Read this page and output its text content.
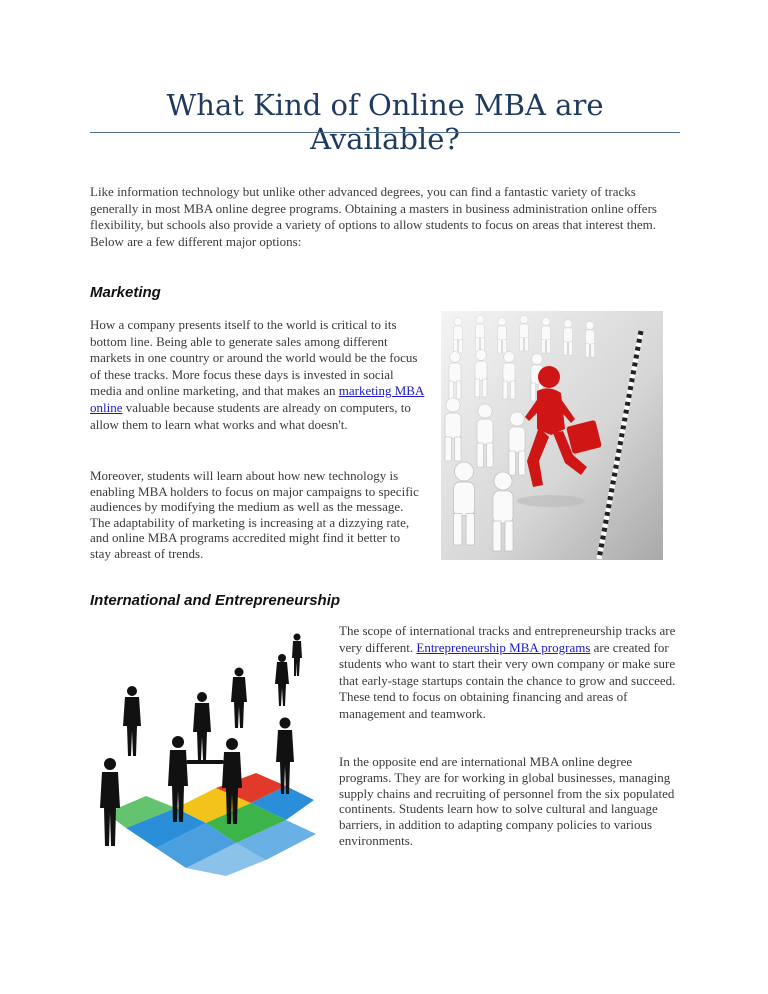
What Kind of Online MBA are Available?

Like information technology but unlike other advanced degrees, you can find a fantastic variety of tracks generally in most MBA online degree programs. Obtaining a masters in business administration online offers flexibility, but schools also provide a variety of options to allow students to focus on areas that interest them. Below are a few different major options:

Marketing

How a company presents itself to the world is critical to its bottom line. Being able to generate sales among different markets in one country or around the world would be the focus of these tracks. More focus these days is invested in social media and online marketing, and that makes an marketing MBA online valuable because students are already on computers, to allow them to learn what works and what doesn't.

Moreover, students will learn about how new technology is enabling MBA holders to focus on major campaigns to specific audiences by modifying the medium as well as the message. The adaptability of marketing is increasing at a dizzying rate, and online MBA programs accredited might find it better to stay abreast of trends.

International and Entrepreneurship

The scope of international tracks and entrepreneurship tracks are very different. Entrepreneurship MBA programs are created for students who want to start their very own company or make sure that early-stage startups contain the chance to grow and succeed. These tend to focus on obtaining financing and areas of management and teamwork.

In the opposite end are international MBA online degree programs. They are for working in global businesses, managing supply chains and recruiting of personnel from the six populated continents. Students learn how to solve cultural and language barriers, in addition to adapting company policies to various environments.
